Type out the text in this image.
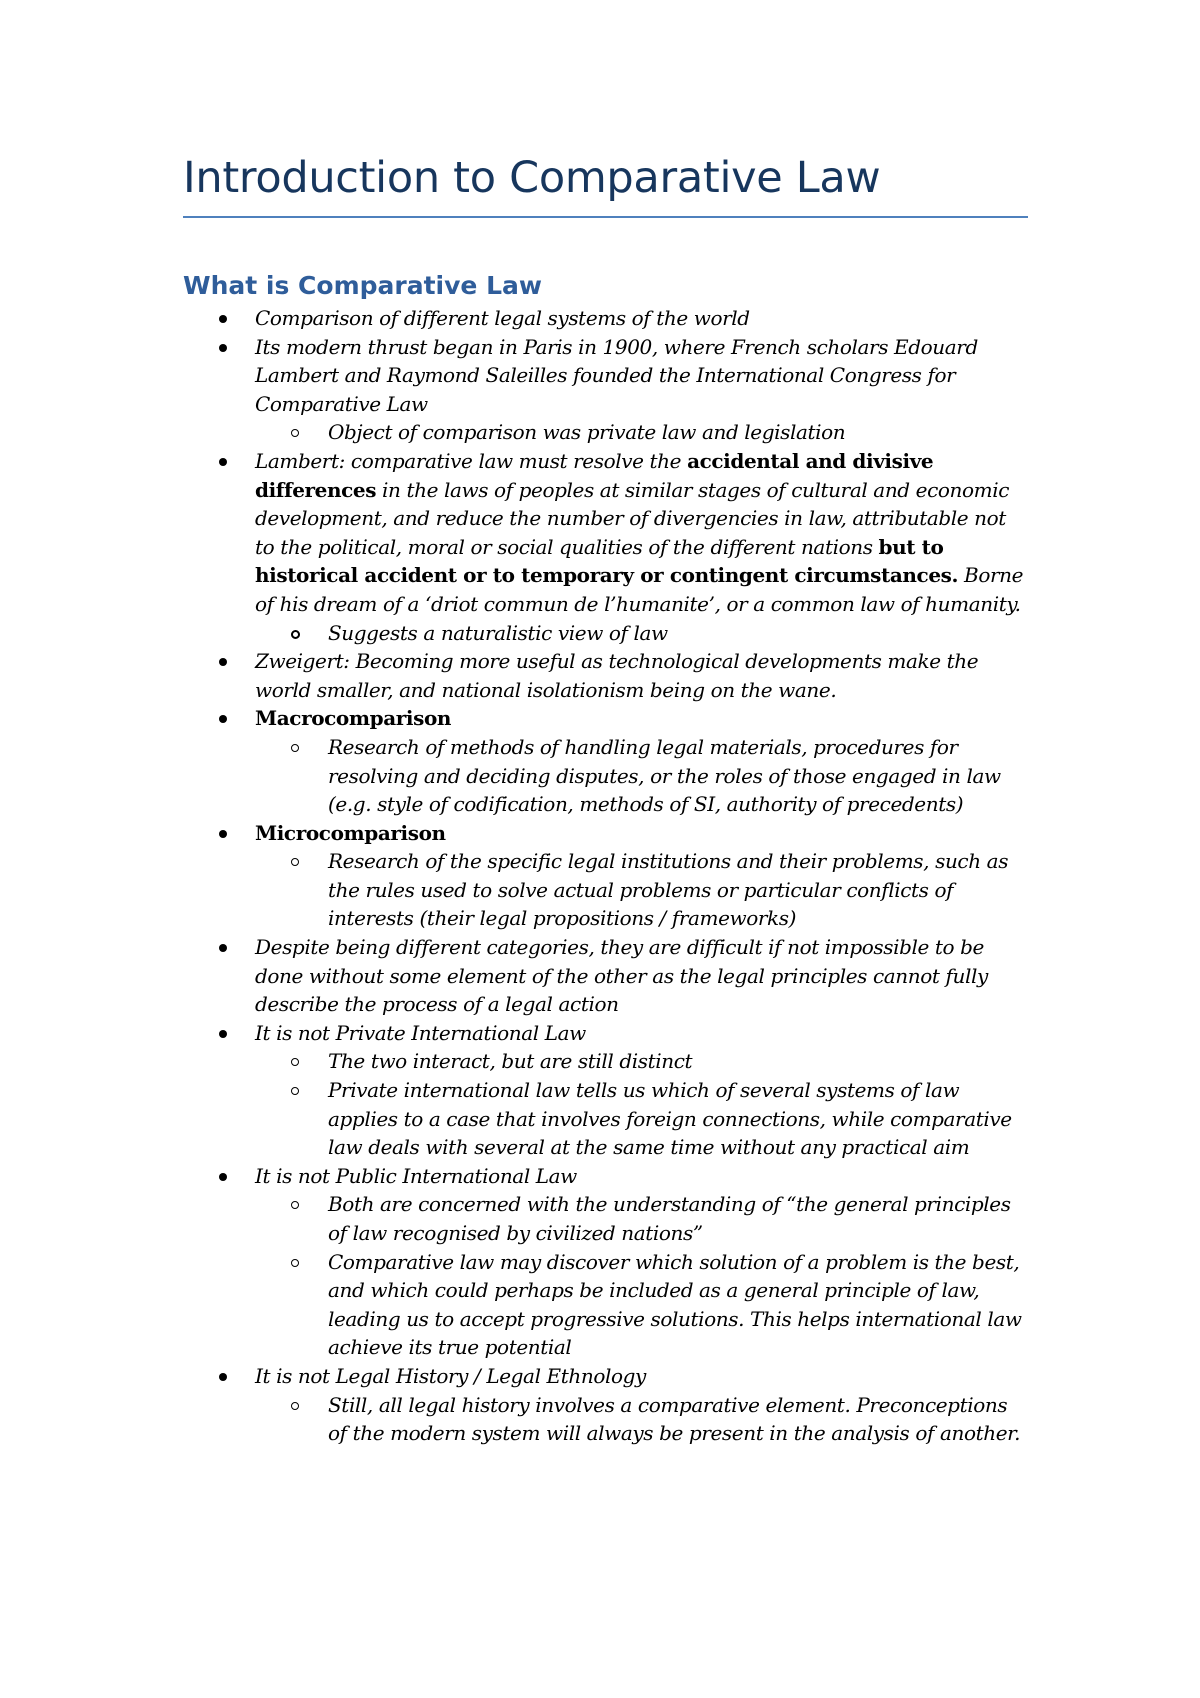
Introduction to Comparative Law
What is Comparative Law
Comparison of different legal systems of the world
Its modern thrust began in Paris in 1900, where French scholars Edouard Lambert and Raymond Saleilles founded the International Congress for Comparative Law
Object of comparison was private law and legislation
Lambert: comparative law must resolve the accidental and divisive differences in the laws of peoples at similar stages of cultural and economic development, and reduce the number of divergencies in law, attributable not to the political, moral or social qualities of the different nations but to historical accident or to temporary or contingent circumstances. Borne of his dream of a ‘driot commun de l’humanite’, or a common law of humanity.
Suggests a naturalistic view of law
Zweigert: Becoming more useful as technological developments make the world smaller, and national isolationism being on the wane.
Macrocomparison
Research of methods of handling legal materials, procedures for resolving and deciding disputes, or the roles of those engaged in law (e.g. style of codification, methods of SI, authority of precedents)
Microcomparison
Research of the specific legal institutions and their problems, such as the rules used to solve actual problems or particular conflicts of interests (their legal propositions / frameworks)
Despite being different categories, they are difficult if not impossible to be done without some element of the other as the legal principles cannot fully describe the process of a legal action
It is not Private International Law
The two interact, but are still distinct
Private international law tells us which of several systems of law applies to a case that involves foreign connections, while comparative law deals with several at the same time without any practical aim
It is not Public International Law
Both are concerned with the understanding of “the general principles of law recognised by civilized nations”
Comparative law may discover which solution of a problem is the best, and which could perhaps be included as a general principle of law, leading us to accept progressive solutions. This helps international law achieve its true potential
It is not Legal History / Legal Ethnology
Still, all legal history involves a comparative element. Preconceptions of the modern system will always be present in the analysis of another.
